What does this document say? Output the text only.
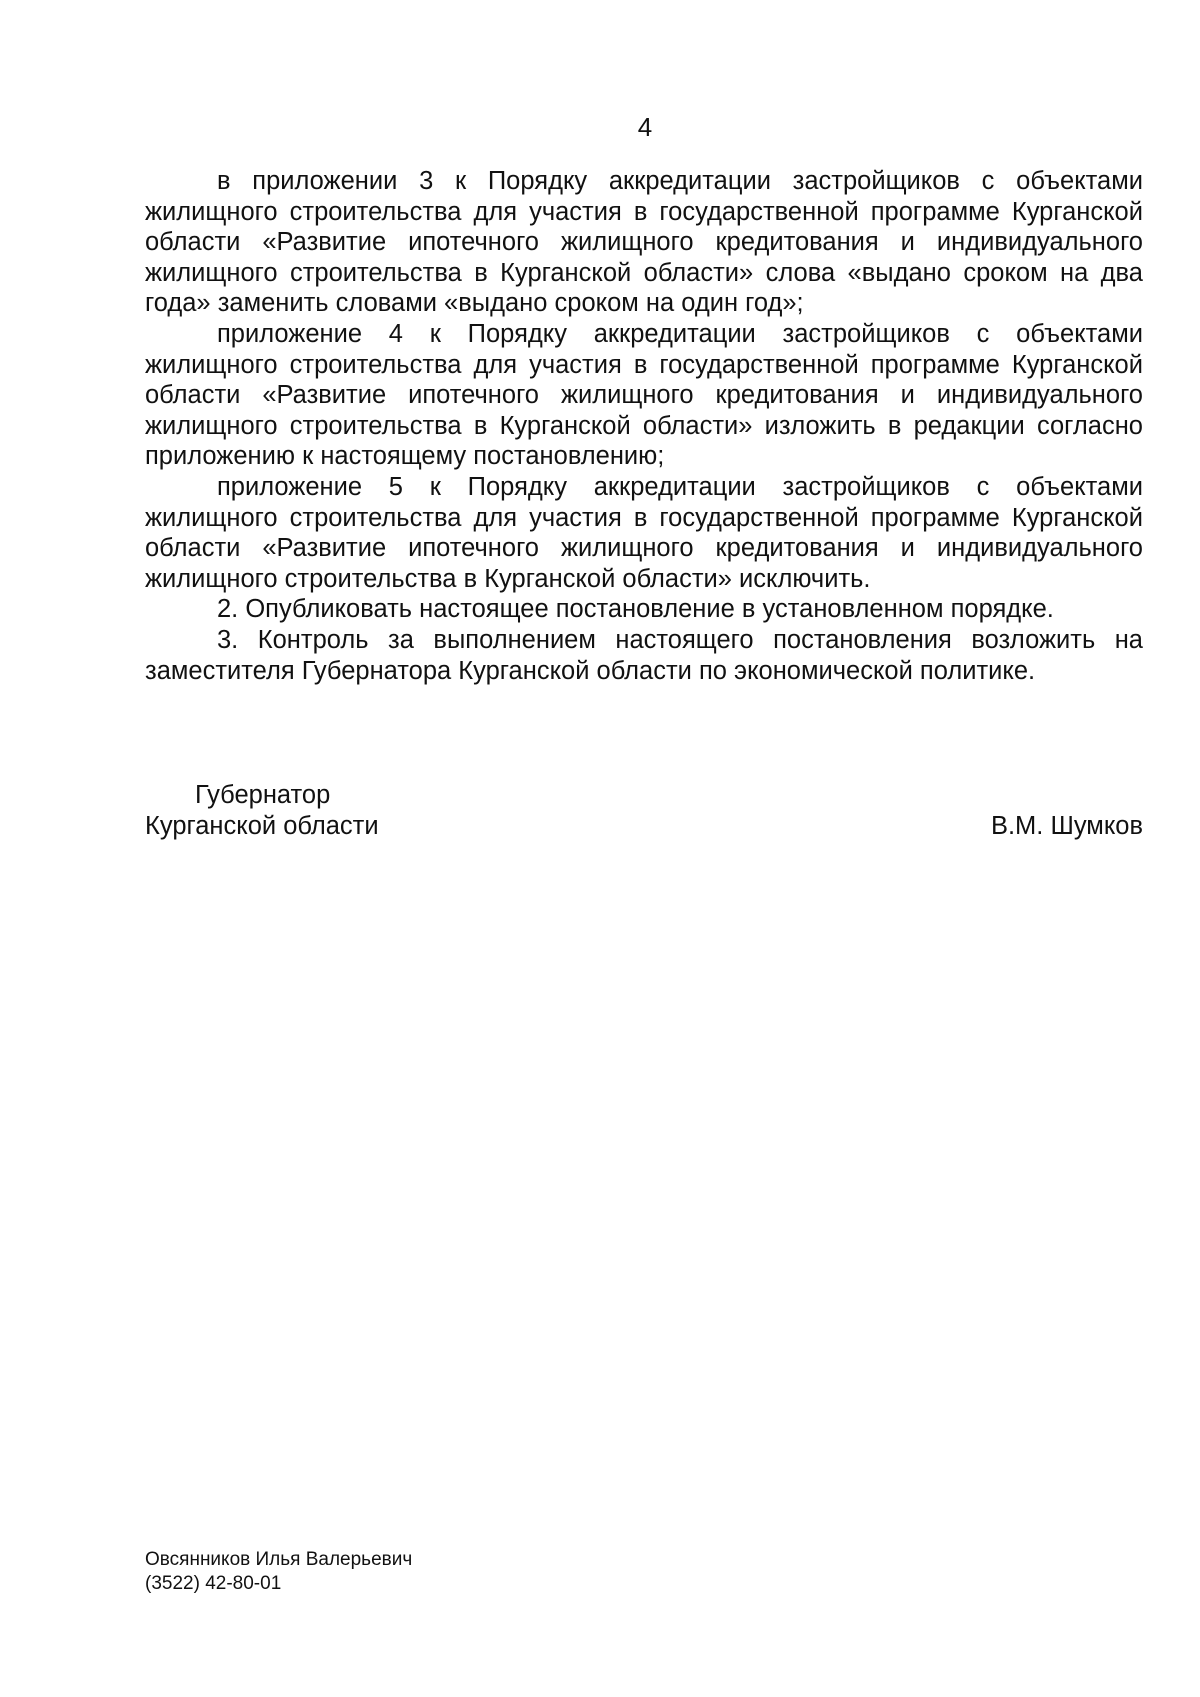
4

в приложении 3 к Порядку аккредитации застройщиков с объектами жилищного строительства для участия в государственной программе Курганской области «Развитие ипотечного жилищного кредитования и индивидуального жилищного строительства в Курганской области» слова «выдано сроком на два года» заменить словами «выдано сроком на один год»;

приложение 4 к Порядку аккредитации застройщиков с объектами жилищного строительства для участия в государственной программе Курганской области «Развитие ипотечного жилищного кредитования и индивидуального жилищного строительства в Курганской области» изложить в редакции согласно приложению к настоящему постановлению;

приложение 5 к Порядку аккредитации застройщиков с объектами жилищного строительства для участия в государственной программе Курганской области «Развитие ипотечного жилищного кредитования и индивидуального жилищного строительства в Курганской области» исключить.

2. Опубликовать настоящее постановление в установленном порядке.

3. Контроль за выполнением настоящего постановления возложить на заместителя Губернатора Курганской области по экономической политике.

Губернатор
Курганской области	В.М. Шумков
Овсянников Илья Валерьевич
(3522) 42-80-01
